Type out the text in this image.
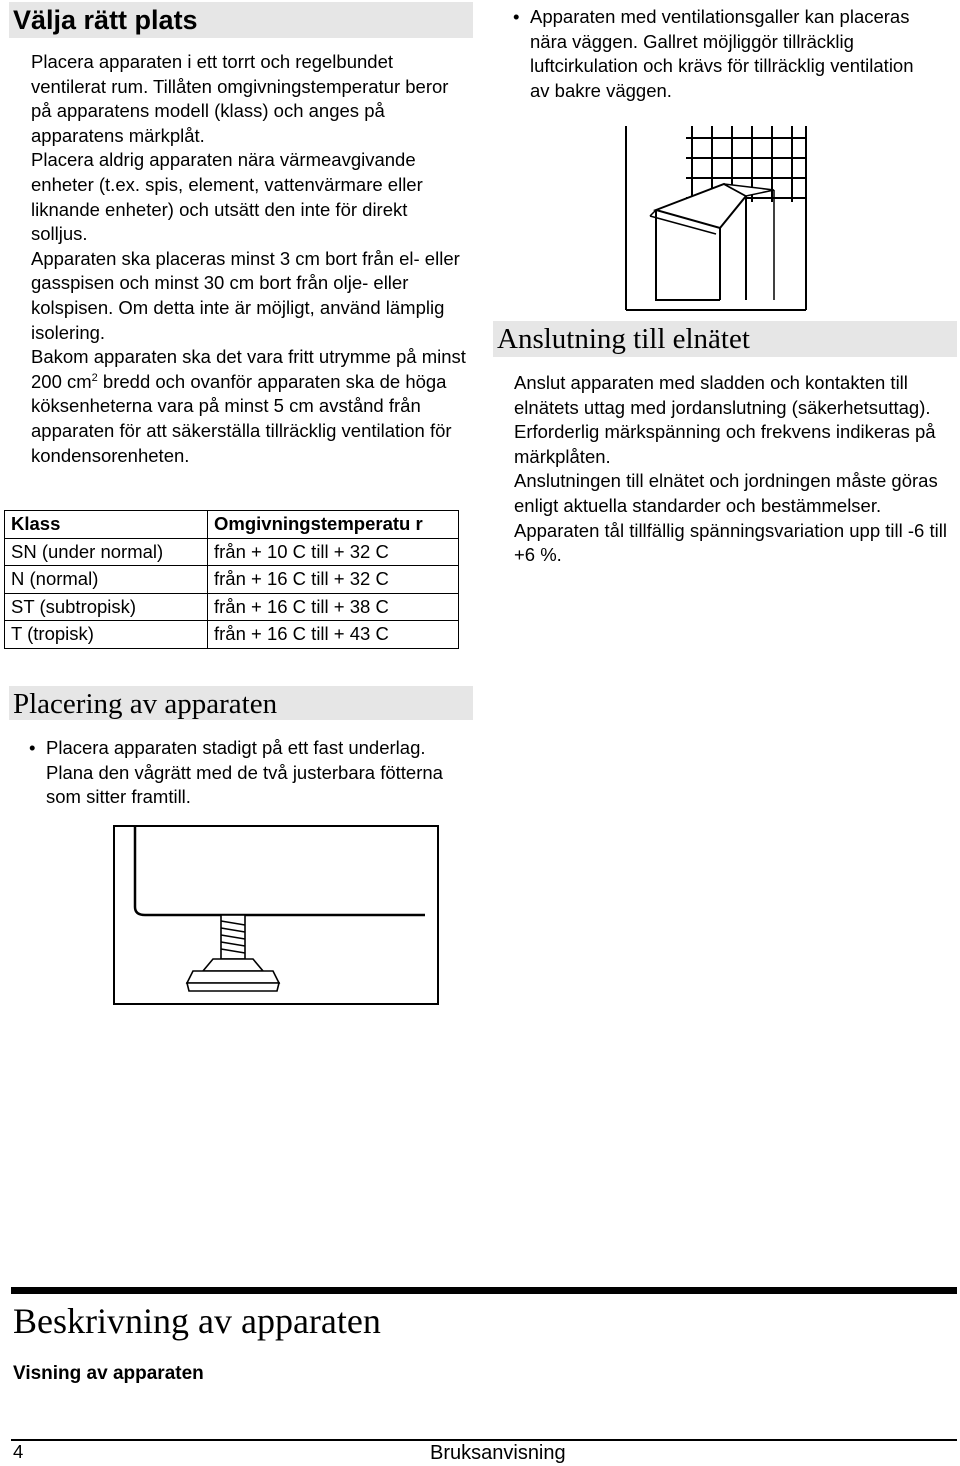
Välja rätt plats

Placera apparaten i ett torrt och regelbundet ventilerat rum. Tillåten omgivningstemperatur beror på apparatens modell (klass) och anges på apparatens märkplåt.

Placera aldrig apparaten nära värmeavgivande enheter (t.ex. spis, element, vattenvärmare eller liknande enheter) och utsätt den inte för direkt solljus.

Apparaten ska placeras minst 3 cm bort från el- eller gasspisen och minst 30 cm bort från olje- eller kolspisen. Om detta inte är möjligt, använd lämplig isolering.

Bakom apparaten ska det vara fritt utrymme på minst 200 $cm^2$ bredd och ovanför apparaten ska de höga köksenheterna vara på minst 5 cm avstånd från apparaten för att säkerställa tillräcklig ventilation för kondensorenheten.

Klass	Omgivningstemperatu r
SN (under normal)	från + 10 C till + 32 C
N (normal)	från + 16 C till + 32 C
ST (subtropisk)	från + 16 C till + 38 C
T (tropisk)	från + 16 C till + 43 C
Placering av apparaten
• Placera apparaten stadigt på ett fast underlag. Plana den vågrätt med de två justerbara fötterna som sitter framtill.
• Apparaten med ventilationsgaller kan placeras nära väggen. Gallret möjliggör tillräcklig luftcirkulation och krävs för tillräcklig ventilation av bakre väggen.
Anslutning till elnätet

Anslut apparaten med sladden och kontakten till elnätets uttag med jordanslutning (säkerhetsuttag).

Erforderlig märkspänning och frekvens indikeras på märkplåten.

Anslutningen till elnätet och jordningen måste göras enligt aktuella standarder och bestämmelser. Apparaten tål tillfällig spänningsvariation upp till -6 till +6 %.

Beskrivning av apparaten
Visning av apparaten
4	Bruksanvisning
